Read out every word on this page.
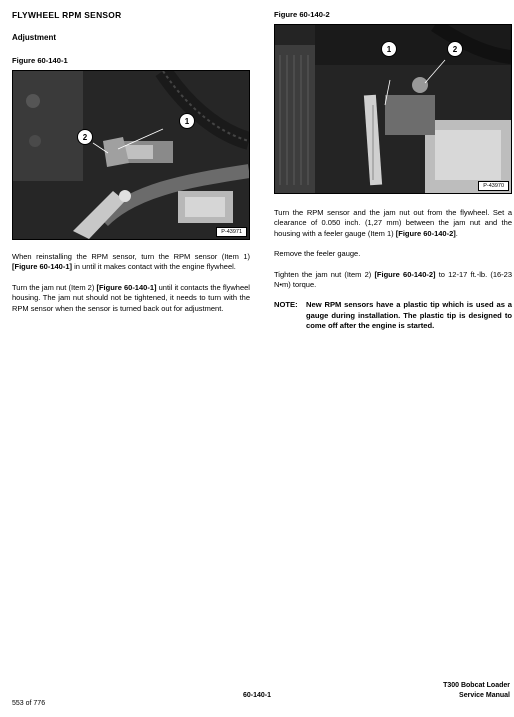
FLYWHEEL RPM SENSOR
Adjustment
Figure 60-140-1
1
2
P-43971

When reinstalling the RPM sensor, turn the RPM sensor (Item 1) [Figure 60-140-1] in until it makes contact with the engine flywheel.

Turn the jam nut (Item 2) [Figure 60-140-1] until it contacts the flywheel housing. The jam nut should not be tightened, it needs to turn with the RPM sensor when the sensor is turned back out for adjustment.

Figure 60-140-2
1	2
P-43970

Turn the RPM sensor and the jam nut out from the flywheel. Set a clearance of 0.050 inch. (1,27 mm) between the jam nut and the housing with a feeler gauge (Item 1) [Figure 60-140-2].

Remove the feeler gauge.

Tighten the jam nut (Item 2) [Figure 60-140-2] to 12-17 ft.-lb. (16-23 N•m) torque.

NOTE:	New RPM sensors have a plastic tip which is used as a gauge during installation. The plastic tip is designed to come off after the engine is started.
553 of 776
60-140-1
T300 Bobcat Loader
Service Manual
